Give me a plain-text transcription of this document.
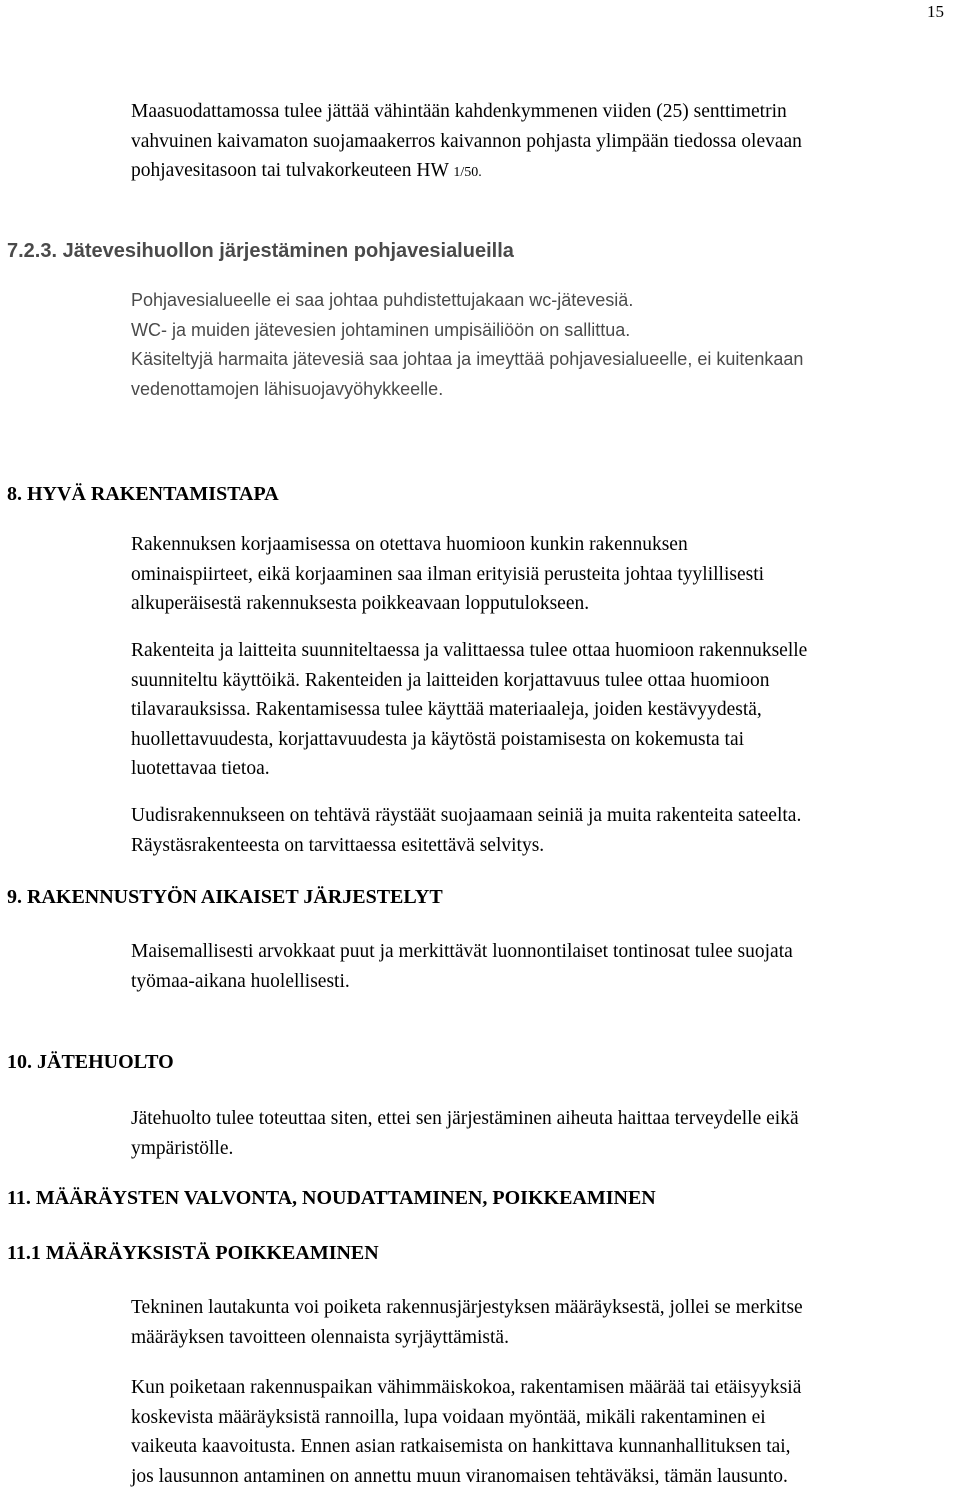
15
Maasuodattamossa tulee jättää vähintään kahdenkymmenen viiden (25) senttimetrin
vahvuinen kaivamaton suojamaakerros kaivannon pohjasta ylimpään tiedossa olevaan
pohjavesitasoon tai tulvakorkeuteen HW 1/50.
7.2.3. Jätevesihuollon järjestäminen pohjavesialueilla
Pohjavesialueelle ei saa johtaa puhdistettujakaan wc-jätevesiä.
WC- ja muiden jätevesien johtaminen umpisäiliöön on sallittua.
Käsiteltyjä harmaita jätevesiä saa johtaa ja imeyttää pohjavesialueelle, ei kuitenkaan
vedenottamojen lähisuojavyöhykkeelle.
8. HYVÄ RAKENTAMISTAPA
Rakennuksen korjaamisessa on otettava huomioon kunkin rakennuksen
ominaispiirteet, eikä korjaaminen saa ilman erityisiä perusteita johtaa tyylillisesti
alkuperäisestä rakennuksesta poikkeavaan lopputulokseen.
Rakenteita ja laitteita suunniteltaessa ja valittaessa tulee ottaa huomioon rakennukselle
suunniteltu käyttöikä. Rakenteiden ja laitteiden korjattavuus tulee ottaa huomioon
tilavarauksissa. Rakentamisessa tulee käyttää materiaaleja, joiden kestävyydestä,
huollettavuudesta, korjattavuudesta ja käytöstä poistamisesta on kokemusta tai
luotettavaa tietoa.
Uudisrakennukseen on tehtävä räystäät suojaamaan seiniä ja muita rakenteita sateelta.
Räystäsrakenteesta on tarvittaessa esitettävä selvitys.
9. RAKENNUSTYÖN AIKAISET JÄRJESTELYT
Maisemallisesti arvokkaat puut ja merkittävät luonnontilaiset tontinosat tulee suojata
työmaa-aikana huolellisesti.
10. JÄTEHUOLTO
Jätehuolto tulee toteuttaa siten, ettei sen järjestäminen aiheuta haittaa terveydelle eikä
ympäristölle.
11. MÄÄRÄYSTEN VALVONTA, NOUDATTAMINEN, POIKKEAMINEN
11.1 MÄÄRÄYKSISTÄ POIKKEAMINEN
Tekninen lautakunta voi poiketa rakennusjärjestyksen määräyksestä, jollei se merkitse
määräyksen tavoitteen olennaista syrjäyttämistä.
Kun poiketaan rakennuspaikan vähimmäiskokoa, rakentamisen määrää tai etäisyyksiä
koskevista määräyksistä rannoilla, lupa voidaan myöntää, mikäli rakentaminen ei
vaikeuta kaavoitusta. Ennen asian ratkaisemista on hankittava kunnanhallituksen tai,
jos lausunnon antaminen on annettu muun viranomaisen tehtäväksi, tämän lausunto.
